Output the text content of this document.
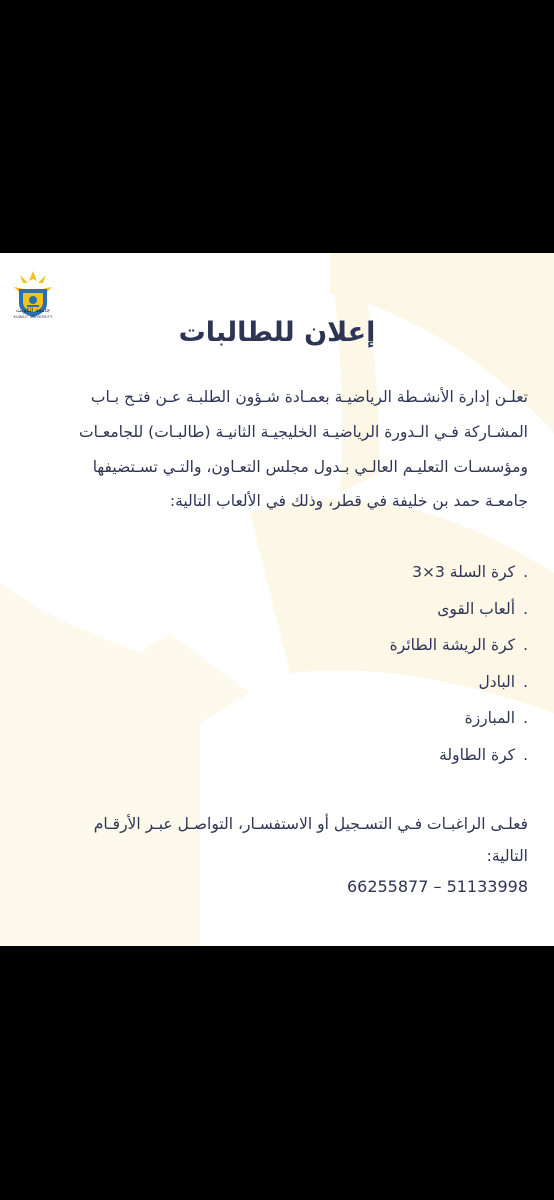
جامعة الكويت
KUWAIT UNIVERSITY	إعلان للطالبات
تعلـن إدارة الأنشـطة الرياضيـة بعمـادة شـؤون الطلبـة عـن فتـح بـاب
المشـاركة فـي الـدورة الرياضيـة الخليجيـة الثانيـة (طالبـات) للجامعـات
ومؤسسـات التعليـم العالـي بـدول مجلس التعـاون، والتـي تسـتضيفها
جامعـة حمد بن خليفة في قطر، وذلك في الألعاب التالية:
.كرة السلة 3×3
.ألعاب القوى
.كرة الريشة الطائرة
.البادل
.المبارزة
.كرة الطاولة
فعلـى الراغبـات فـي التسـجيل أو الاستفسـار، التواصـل عبـر الأرقـام
التالية:
66255877 – 51133998
